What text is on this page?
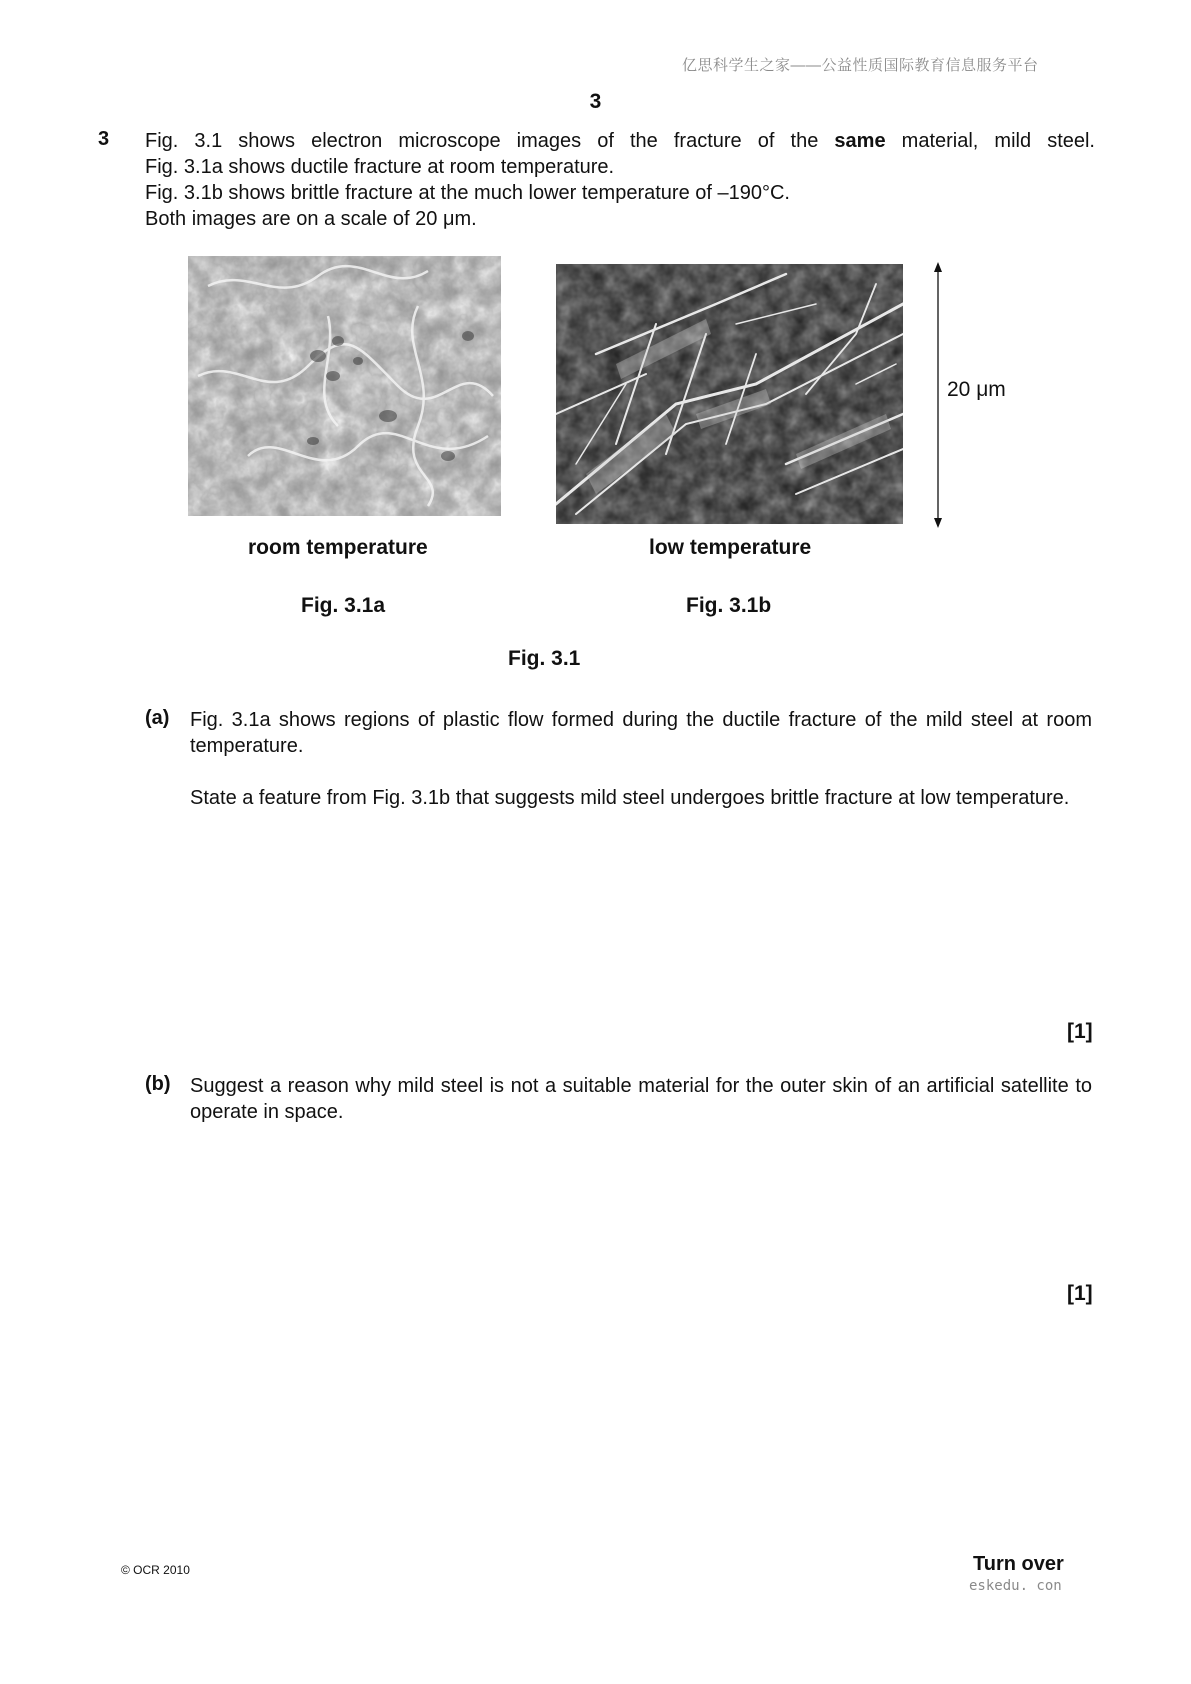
亿思科学生之家——公益性质国际教育信息服务平台
3
3 Fig. 3.1 shows electron microscope images of the fracture of the same material, mild steel.

Fig. 3.1a shows ductile fracture at room temperature.

Fig. 3.1b shows brittle fracture at the much lower temperature of –190°C.

Both images are on a scale of 20 μm.

20 μm
room temperature	low temperature
Fig. 3.1a	Fig. 3.1b
Fig. 3.1
(a) Fig. 3.1a shows regions of plastic flow formed during the ductile fracture of the mild steel at room temperature.

State a feature from Fig. 3.1b that suggests mild steel undergoes brittle fracture at low temperature.

[1]
(b) Suggest a reason why mild steel is not a suitable material for the outer skin of an artificial satellite to operate in space.

[1]
© OCR 2010	Turn over
eskedu. con
